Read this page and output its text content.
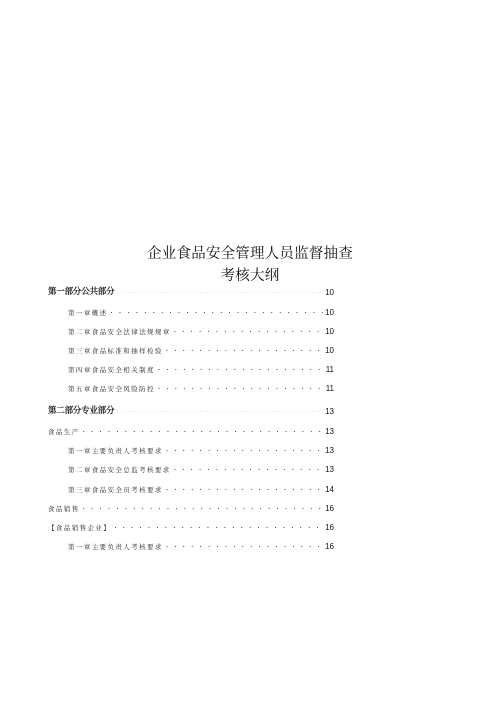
企业食品安全管理人员监督抽查
考核大纲
第一部分公共部分 . . .	10
第一章概述 . . .	10
第二章食品安全法律法规规章 . . .	10
第三章食品标准和抽样检验 . . .	10
第四章食品安全相关制度 . . .	11
第五章食品安全风险防控 . . .	11
第二部分专业部分 . . .	13
食品生产 . . .	13
第一章主要负责人考核要求 . . .	13
第二章食品安全总监考核要求 . . .	13
第三章食品安全员考核要求 . . .	14
食品销售 . . .	16
【食品销售企业】 . . .	16
第一章主要负责人考核要求 . . .	16
